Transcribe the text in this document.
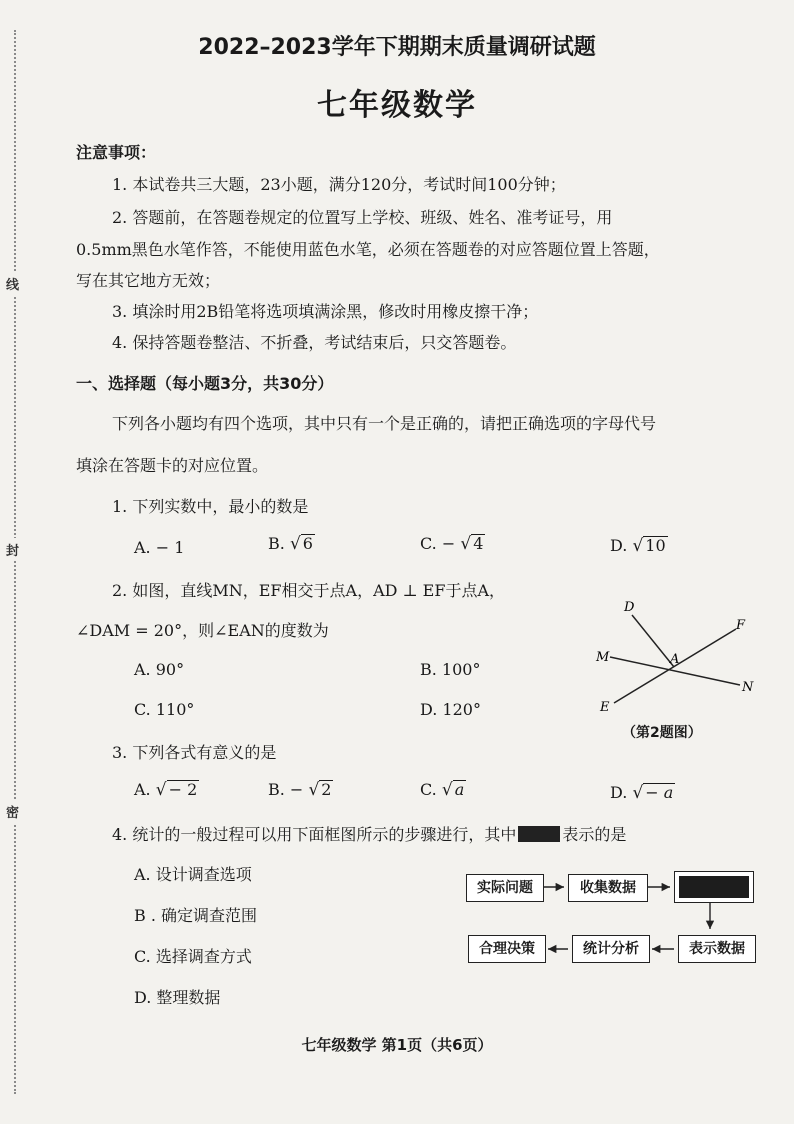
线
封
密
2022–2023学年下期期末质量调研试题
七年级数学
注意事项：
1. 本试卷共三大题，23小题，满分120分，考试时间100分钟；
2. 答题前，在答题卷规定的位置写上学校、班级、姓名、准考证号，用
0.5mm黑色水笔作答，不能使用蓝色水笔，必须在答题卷的对应答题位置上答题，
写在其它地方无效；
3. 填涂时用2B铅笔将选项填满涂黑，修改时用橡皮擦干净；
4. 保持答题卷整洁、不折叠，考试结束后，只交答题卷。
一、选择题（每小题3分，共30分）
下列各小题均有四个选项，其中只有一个是正确的，请把正确选项的字母代号
填涂在答题卡的对应位置。
1. 下列实数中，最小的数是
A. − 1	B. √ 6	C. − √ 4	D. √ 10
2. 如图，直线MN，EF相交于点A，AD ⊥ EF于点A，
∠DAM = 20°，则∠EAN的度数为
A. 90°	B. 100°
C. 110°	D. 120°
D
F
M	A
N
E
（第2题图）
3. 下列各式有意义的是
A. √ − 2	B. − √ 2	C. √ a	D. √ − a
4. 统计的一般过程可以用下面框图所示的步骤进行，其中	表示的是
A. 设计调查选项
B . 确定调查范围
C. 选择调查方式
D. 整理数据
实际问题	收集数据
表示数据
统计分析
合理决策
七年级数学 第1页（共6页）
